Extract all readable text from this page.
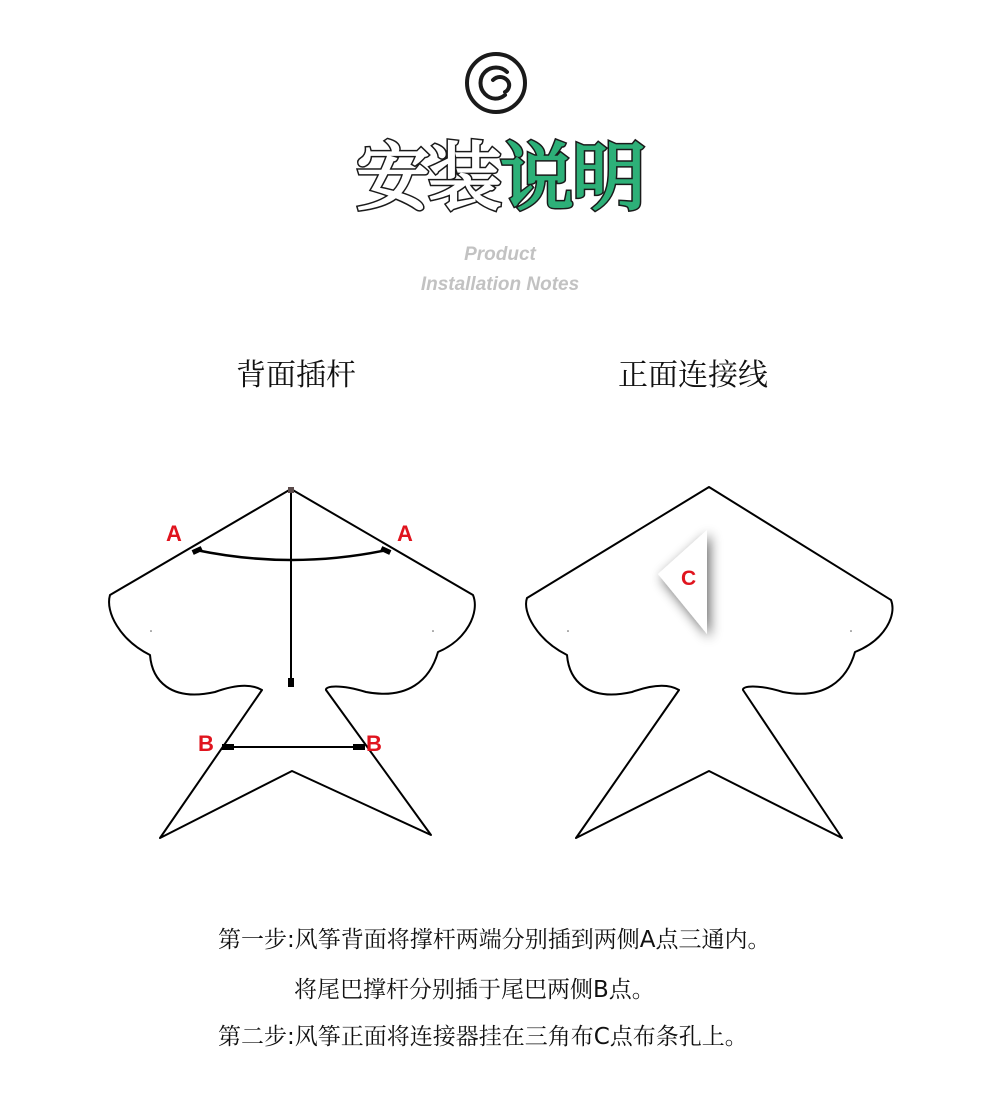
安装说明
Product
Installation Notes
背面插杆	正面连接线
A	A
B	B
C
第一步:风筝背面将撑杆两端分别插到两侧A点三通内。
将尾巴撑杆分别插于尾巴两侧B点。
第二步:风筝正面将连接器挂在三角布C点布条孔上。
